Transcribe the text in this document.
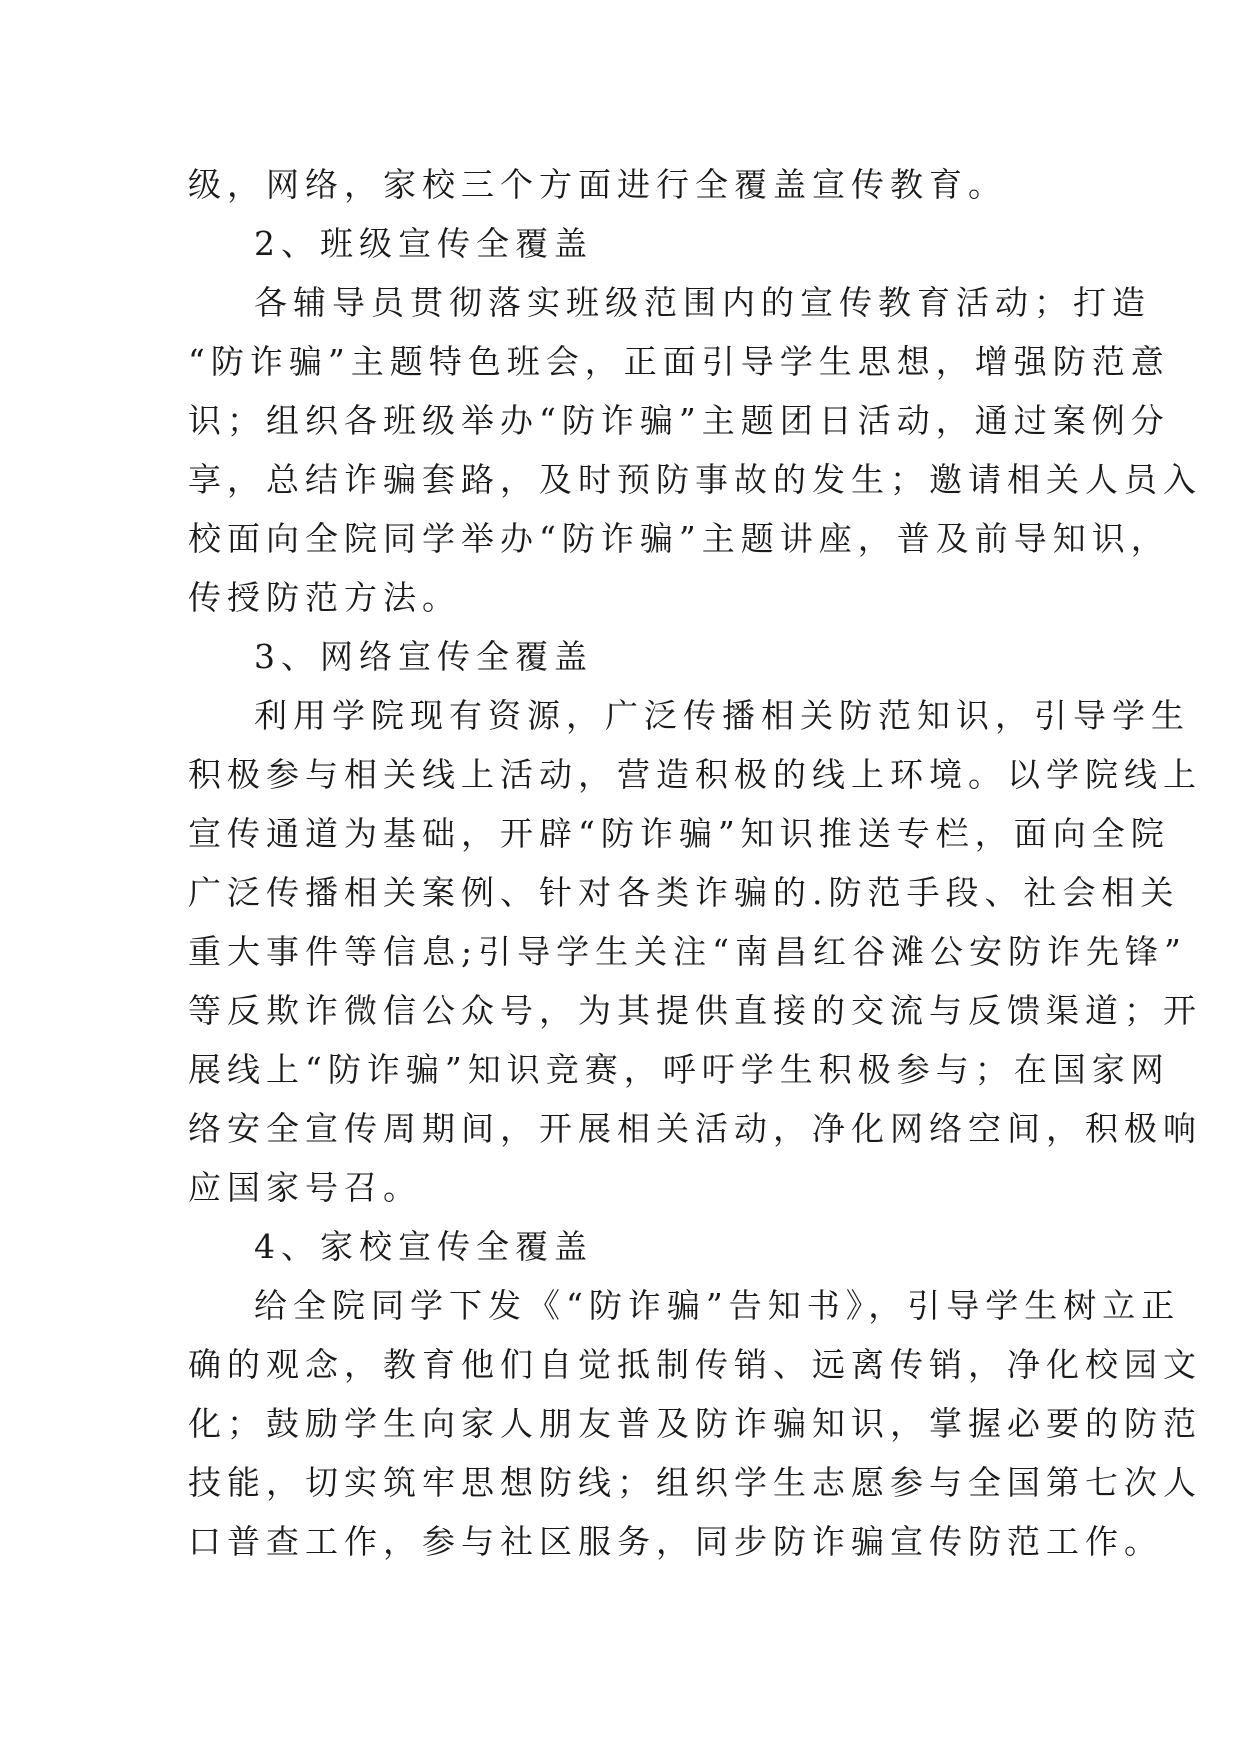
级，网络，家校三个方面进行全覆盖宣传教育。
2、班级宣传全覆盖
各辅导员贯彻落实班级范围内的宣传教育活动；打造
“防诈骗”主题特色班会，正面引导学生思想，增强防范意
识；组织各班级举办“防诈骗”主题团日活动，通过案例分
享，总结诈骗套路，及时预防事故的发生；邀请相关人员入
校面向全院同学举办“防诈骗”主题讲座，普及前导知识，
传授防范方法。
3、网络宣传全覆盖
利用学院现有资源，广泛传播相关防范知识，引导学生
积极参与相关线上活动，营造积极的线上环境。以学院线上
宣传通道为基础，开辟“防诈骗”知识推送专栏，面向全院
广泛传播相关案例、针对各类诈骗的.防范手段、社会相关
重大事件等信息;引导学生关注“南昌红谷滩公安防诈先锋”
等反欺诈微信公众号，为其提供直接的交流与反馈渠道；开
展线上“防诈骗”知识竞赛，呼吁学生积极参与；在国家网
络安全宣传周期间，开展相关活动，净化网络空间，积极响
应国家号召。
4、家校宣传全覆盖
给全院同学下发《“防诈骗”告知书》，引导学生树立正
确的观念，教育他们自觉抵制传销、远离传销，净化校园文
化；鼓励学生向家人朋友普及防诈骗知识，掌握必要的防范
技能，切实筑牢思想防线；组织学生志愿参与全国第七次人
口普查工作，参与社区服务，同步防诈骗宣传防范工作。
